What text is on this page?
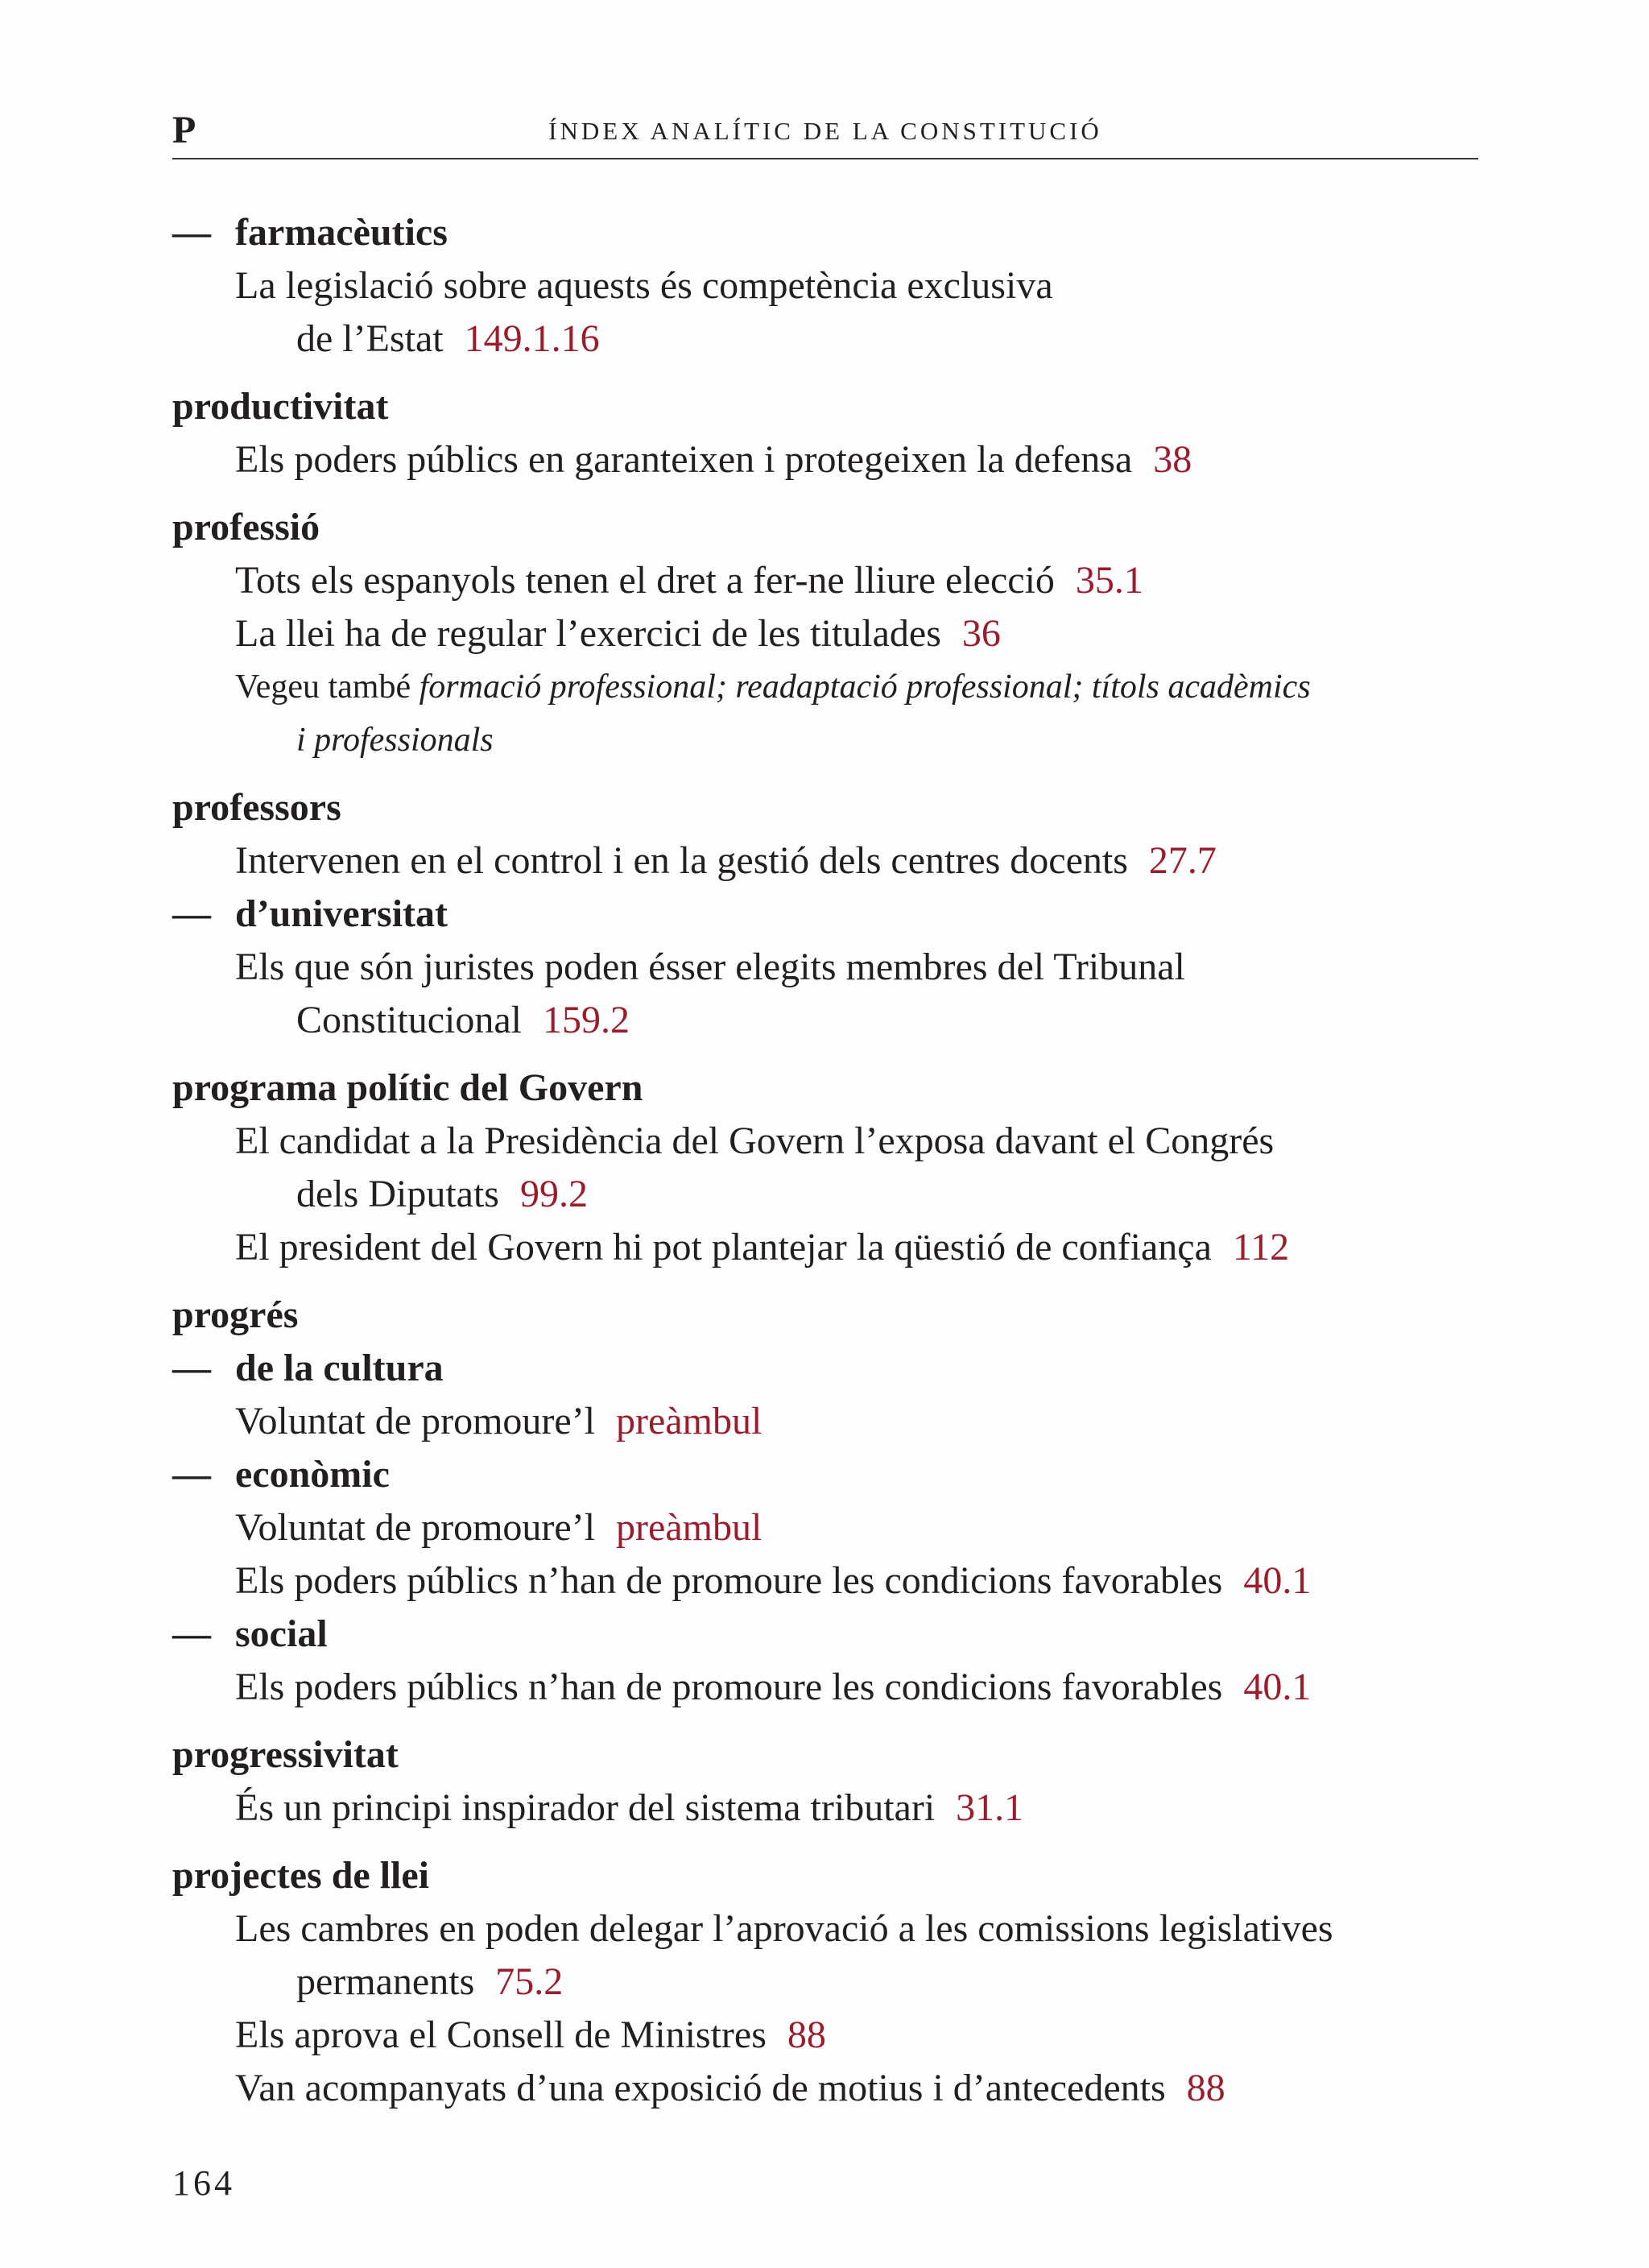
P	ÍNDEX ANALÍTIC DE LA CONSTITUCIÓ
— farmacèutics
La legislació sobre aquests és competència exclusiva
de l’Estat 149.1.16
productivitat
Els poders públics en garanteixen i protegeixen la defensa 38
professió
Tots els espanyols tenen el dret a fer-ne lliure elecció 35.1
La llei ha de regular l’exercici de les titulades 36
Vegeu també formació professional; readaptació professional; títols acadèmics
i professionals
professors
Intervenen en el control i en la gestió dels centres docents 27.7
— d’universitat
Els que són juristes poden ésser elegits membres del Tribunal
Constitucional 159.2
programa polític del Govern
El candidat a la Presidència del Govern l’exposa davant el Congrés
dels Diputats 99.2
El president del Govern hi pot plantejar la qüestió de confiança 112
progrés
— de la cultura
Voluntat de promoure’l preàmbul
— econòmic
Voluntat de promoure’l preàmbul
Els poders públics n’han de promoure les condicions favorables 40.1
— social
Els poders públics n’han de promoure les condicions favorables 40.1
progressivitat
És un principi inspirador del sistema tributari 31.1
projectes de llei
Les cambres en poden delegar l’aprovació a les comissions legislatives
permanents 75.2
Els aprova el Consell de Ministres 88
Van acompanyats d’una exposició de motius i d’antecedents 88
164
